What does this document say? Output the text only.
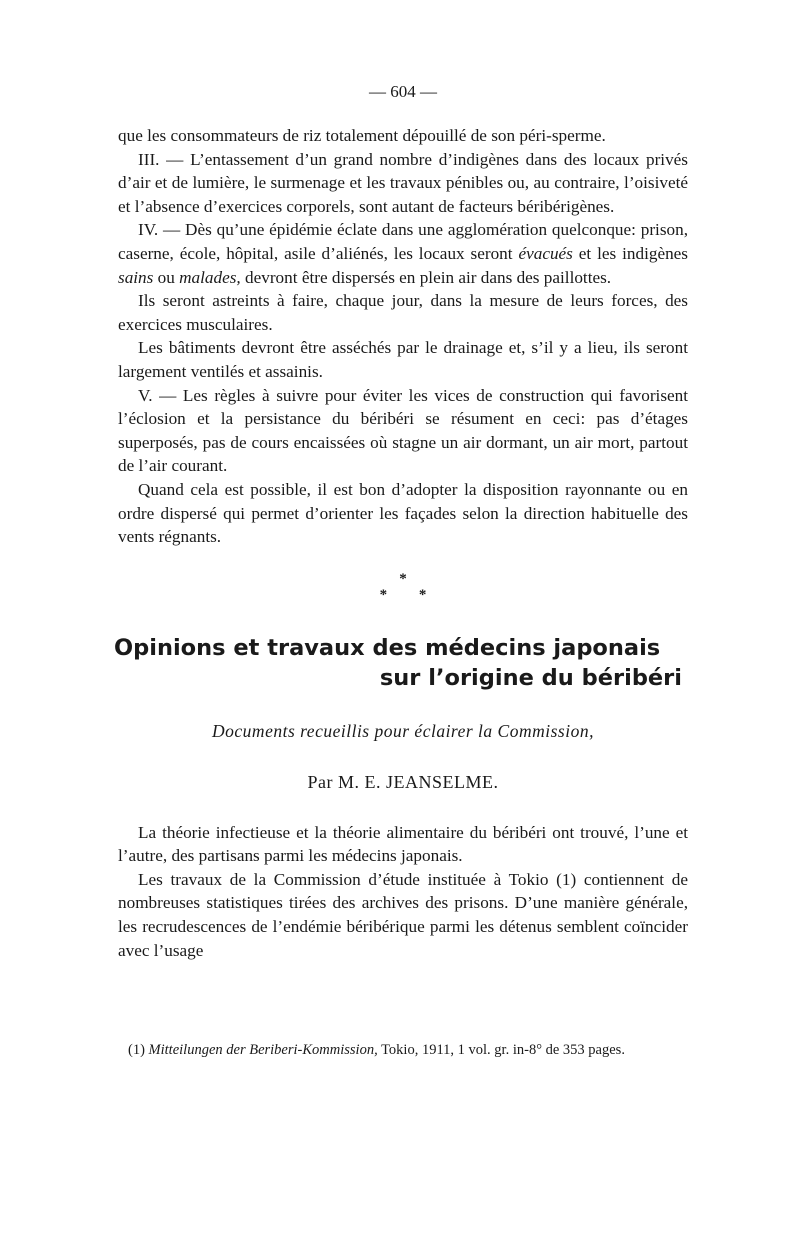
— 604 —

que les consommateurs de riz totalement dépouillé de son péri-sperme.

III. — L’entassement d’un grand nombre d’indigènes dans des locaux privés d’air et de lumière, le surmenage et les travaux pénibles ou, au contraire, l’oisiveté et l’absence d’exercices corporels, sont autant de facteurs béribérigènes.

IV. — Dès qu’une épidémie éclate dans une agglomération quelconque: prison, caserne, école, hôpital, asile d’aliénés, les locaux seront évacués et les indigènes sains ou malades, devront être dispersés en plein air dans des paillottes.

Ils seront astreints à faire, chaque jour, dans la mesure de leurs forces, des exercices musculaires.

Les bâtiments devront être asséchés par le drainage et, s’il y a lieu, ils seront largement ventilés et assainis.

V. — Les règles à suivre pour éviter les vices de construction qui favorisent l’éclosion et la persistance du béribéri se résument en ceci: pas d’étages superposés, pas de cours encaissées où stagne un air dormant, un air mort, partout de l’air courant.

Quand cela est possible, il est bon d’adopter la disposition rayonnante ou en ordre dispersé qui permet d’orienter les façades selon la direction habituelle des vents régnants.

*
* *
Opinions et travaux des médecins japonais
sur l’origine du béribéri
Documents recueillis pour éclairer la Commission,
Par M. E. JEANSELME.

La théorie infectieuse et la théorie alimentaire du béribéri ont trouvé, l’une et l’autre, des partisans parmi les médecins japonais.

Les travaux de la Commission d’étude instituée à Tokio (1) contiennent de nombreuses statistiques tirées des archives des prisons. D’une manière générale, les recrudescences de l’endémie béribérique parmi les détenus semblent coïncider avec l’usage

(1) Mitteilungen der Beriberi-Kommission, Tokio, 1911, 1 vol. gr. in-8° de 353 pages.
